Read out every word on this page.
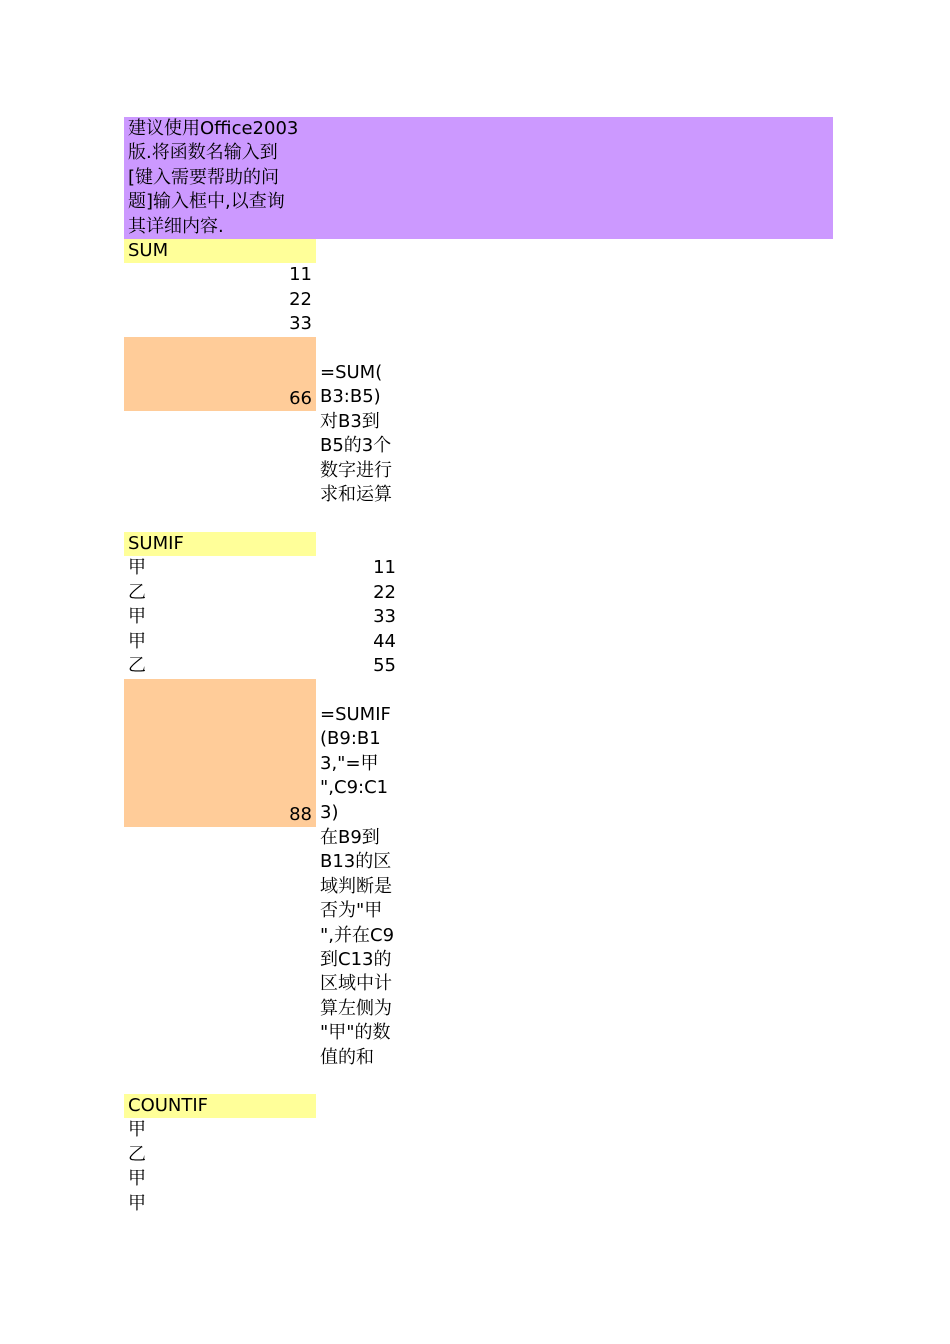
建议使用Office2003
版.将函数名输入到
[键入需要帮助的问
题]输入框中,以查询
其详细内容.
SUM
11
22
33
66
=SUM(
B3:B5)
对B3到
B5的3个
数字进行
求和运算
SUMIF
甲
乙
甲
甲
乙
11
22
33
44
55
88
=SUMIF
(B9:B1
3,"=甲
",C9:C1
3)
在B9到
B13的区
域判断是
否为"甲
",并在C9
到C13的
区域中计
算左侧为
"甲"的数
值的和
COUNTIF
甲
乙
甲
甲
